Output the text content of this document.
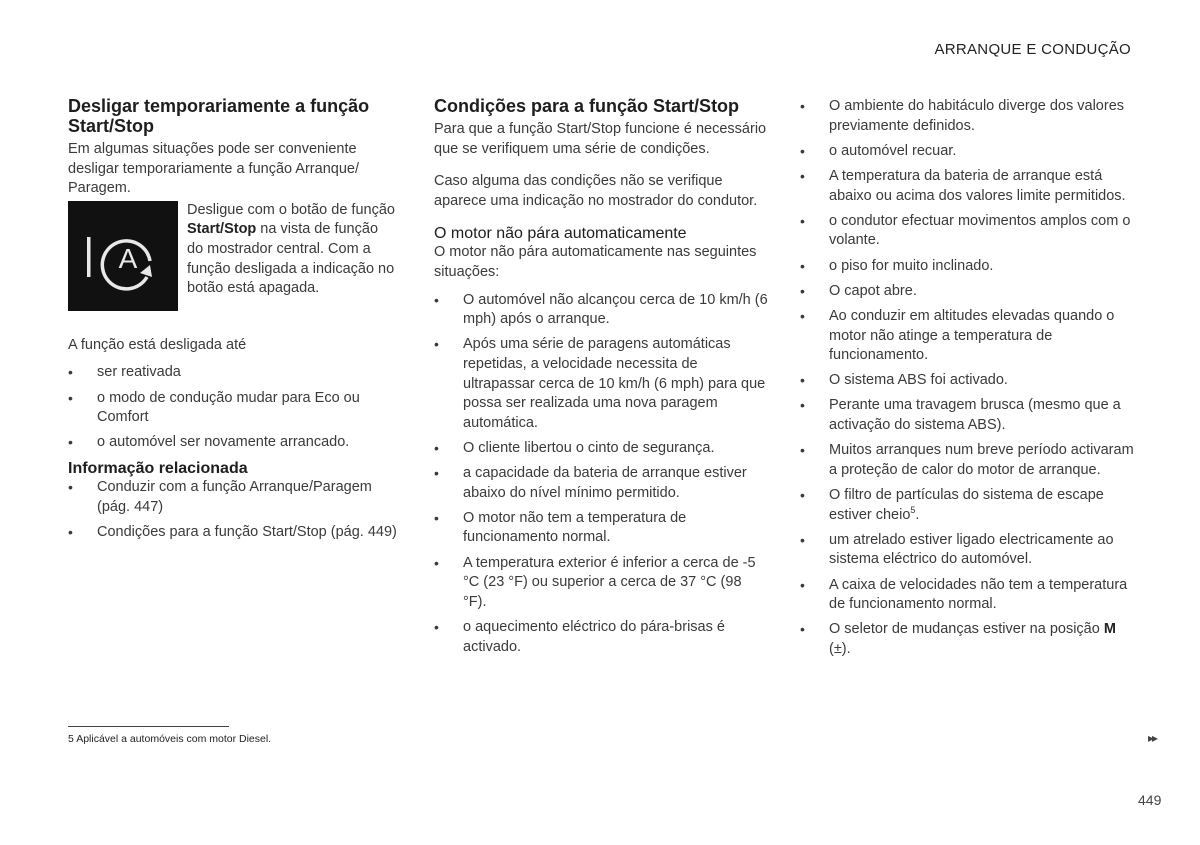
ARRANQUE E CONDUÇÃO
Desligar temporariamente a função Start/Stop

Em algumas situações pode ser conveniente desligar temporariamente a função Arranque/ Paragem.

A

Desligue com o botão de função Start/Stop na vista de função do mostrador central. Com a função desligada a indicação no botão está apagada.

A função está desligada até

• ser reativada
• o modo de condução mudar para Eco ou Comfort
• o automóvel ser novamente arrancado.
Informação relacionada
• Conduzir com a função Arranque/Paragem (pág. 447)
• Condições para a função Start/Stop (pág. 449)
Condições para a função Start/Stop

Para que a função Start/Stop funcione é necessário que se verifiquem uma série de condições.

Caso alguma das condições não se verifique aparece uma indicação no mostrador do condutor.

O motor não pára automaticamente

O motor não pára automaticamente nas seguintes situações:

• O automóvel não alcançou cerca de 10 km/h (6 mph) após o arranque.
• Após uma série de paragens automáticas repetidas, a velocidade necessita de ultrapassar cerca de 10 km/h (6 mph) para que possa ser realizada uma nova paragem automática.
• O cliente libertou o cinto de segurança.
• a capacidade da bateria de arranque estiver abaixo do nível mínimo permitido.
• O motor não tem a temperatura de funcionamento normal.
• A temperatura exterior é inferior a cerca de -5 °C (23 °F) ou superior a cerca de 37 °C (98 °F).
• o aquecimento eléctrico do pára-brisas é activado.
• O ambiente do habitáculo diverge dos valores previamente definidos.
• o automóvel recuar.
• A temperatura da bateria de arranque está abaixo ou acima dos valores limite permitidos.
• o condutor efectuar movimentos amplos com o volante.
• o piso for muito inclinado.
• O capot abre.
• Ao conduzir em altitudes elevadas quando o motor não atinge a temperatura de funcionamento.
• O sistema ABS foi activado.
• Perante uma travagem brusca (mesmo que a activação do sistema ABS).
• Muitos arranques num breve período activaram a proteção de calor do motor de arranque.
• O filtro de partículas do sistema de escape estiver cheio$^5$.
• um atrelado estiver ligado electricamente ao sistema eléctrico do automóvel.
• A caixa de velocidades não tem a temperatura de funcionamento normal.
• O seletor de mudanças estiver na posição M
(±).
5 Aplicável a automóveis com motor Diesel.	▸▸
449
